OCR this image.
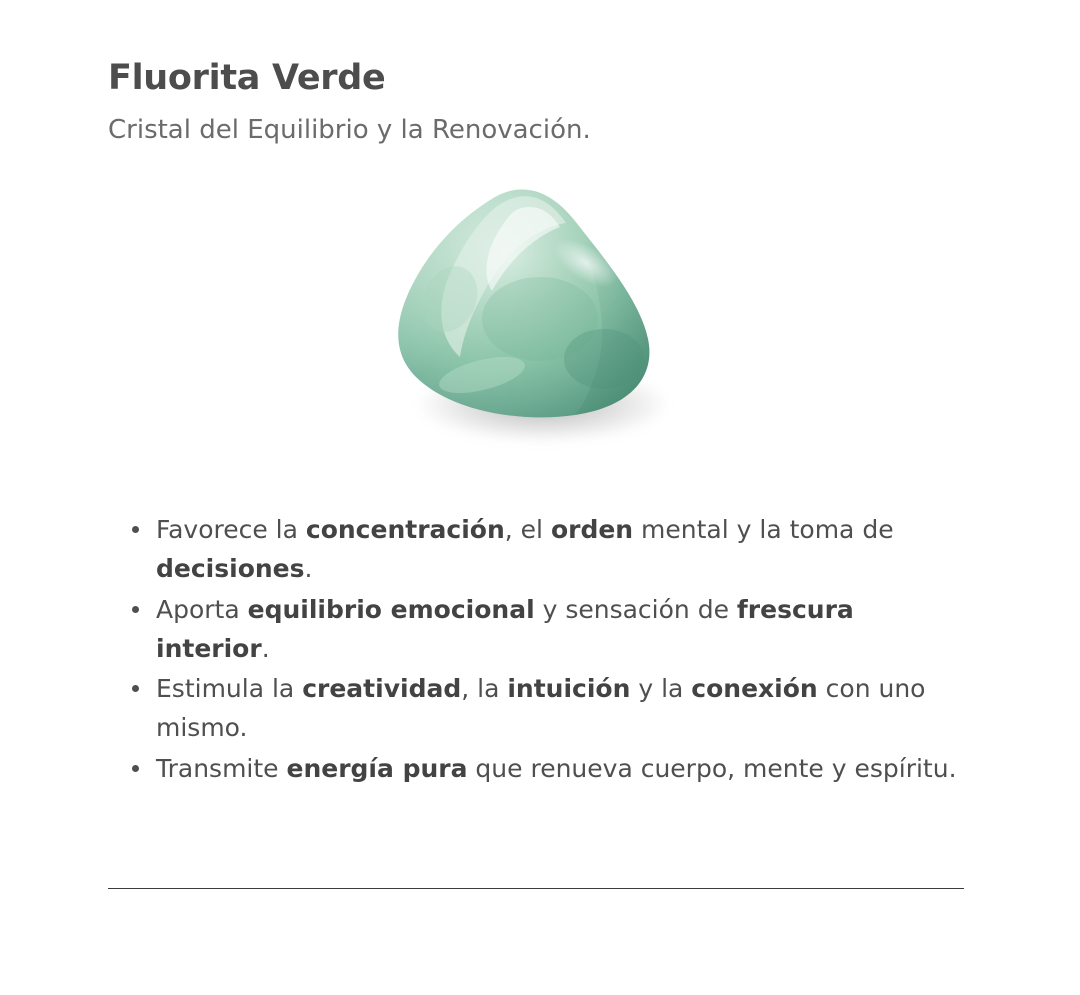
Fluorita Verde

Cristal del Equilibrio y la Renovación.

Favorece la concentración, el orden mental y la toma de decisiones.
Aporta equilibrio emocional y sensación de frescura interior.
Estimula la creatividad, la intuición y la conexión con uno mismo.
Transmite energía pura que renueva cuerpo, mente y espíritu.
